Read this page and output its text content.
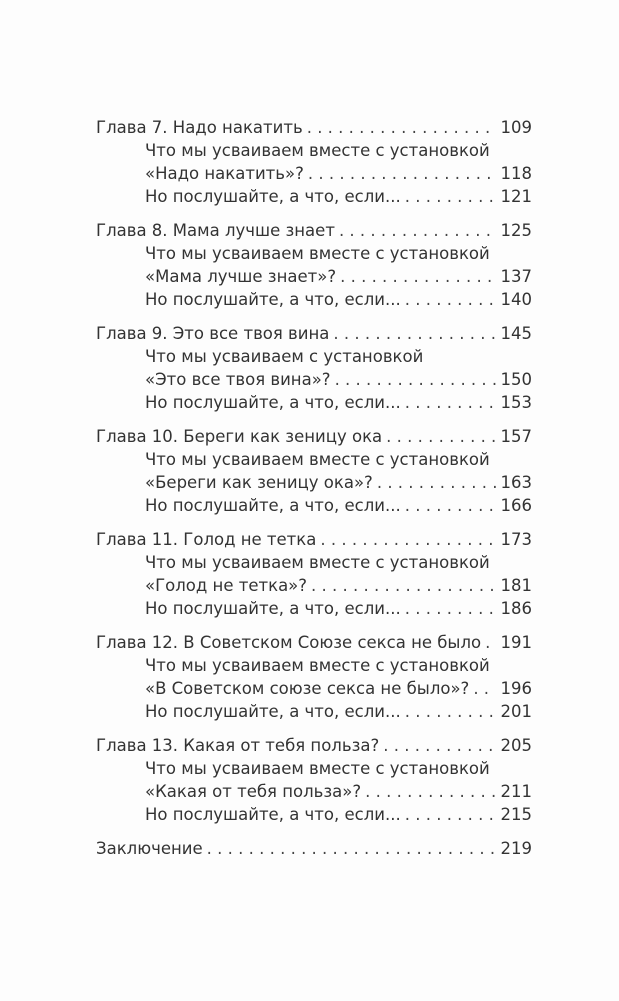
Глава 7. Надо накатить . . .	109
Что мы усваиваем вместе с установкой
«Надо накатить»? . . .	118
Но послушайте, а что, если... . . .	121
Глава 8. Мама лучше знает . . .	125
Что мы усваиваем вместе с установкой
«Мама лучше знает»? . . .	137
Но послушайте, а что, если... . . .	140
Глава 9. Это все твоя вина . . .	145
Что мы усваиваем с установкой
«Это все твоя вина»? . . .	150
Но послушайте, а что, если... . . .	153
Глава 10. Береги как зеницу ока . . .	157
Что мы усваиваем вместе с установкой
«Береги как зеницу ока»? . . .	163
Но послушайте, а что, если... . . .	166
Глава 11. Голод не тетка . . .	173
Что мы усваиваем вместе с установкой
«Голод не тетка»? . . .	181
Но послушайте, а что, если... . . .	186
Глава 12. В Советском Союзе секса не было . . . 191
Что мы усваиваем вместе с установкой
«В Советском союзе секса не было»? . . . 196
Но послушайте, а что, если... . . .	201
Глава 13. Какая от тебя польза? . . .	205
Что мы усваиваем вместе с установкой
«Какая от тебя польза»? . . .	211
Но послушайте, а что, если... . . .	215
Заключение . . .	219
